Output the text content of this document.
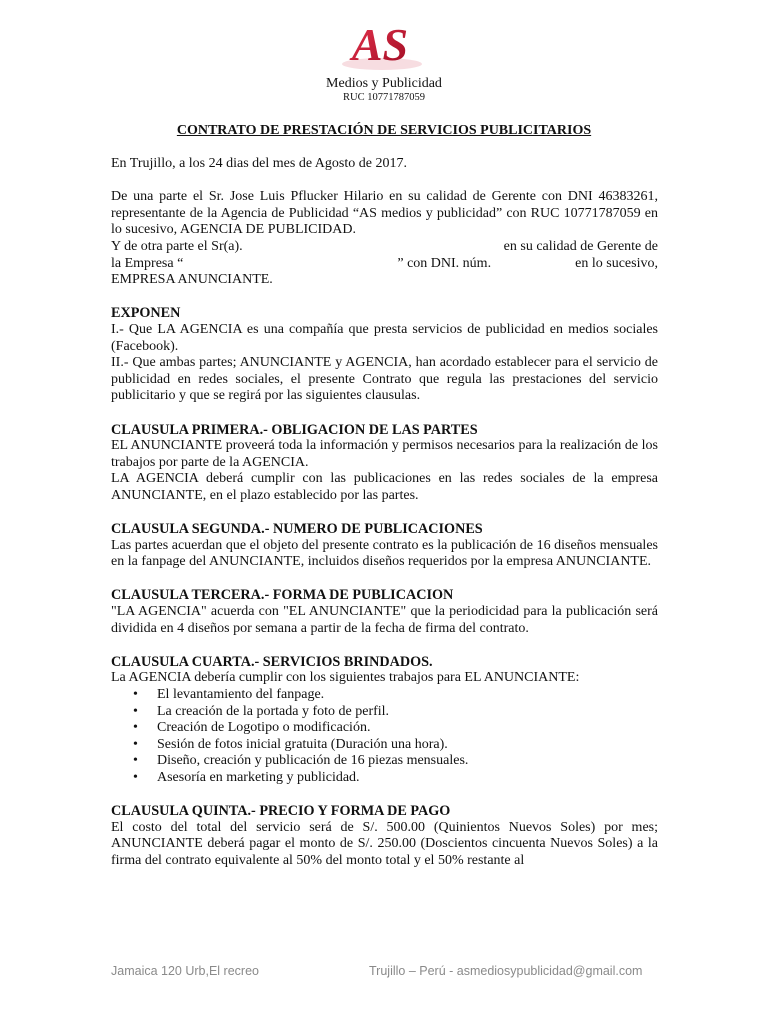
AS
Medios y Publicidad
RUC 10771787059
CONTRATO DE PRESTACIÓN DE SERVICIOS PUBLICITARIOS

En Trujillo, a los 24 dias del mes de Agosto de 2017.

De una parte el Sr. Jose Luis Pflucker Hilario en su calidad de Gerente con DNI 46383261, representante de la Agencia de Publicidad “AS medios y publicidad” con RUC 10771787059 en lo sucesivo, AGENCIA DE PUBLICIDAD.

Y de otra parte el Sr(a).	en su calidad de Gerente de
la Empresa “	” con DNI. núm.	en lo sucesivo,

EMPRESA ANUNCIANTE.

EXPONEN

I.- Que LA AGENCIA es una compañía que presta servicios de publicidad en medios sociales (Facebook).

II.- Que ambas partes; ANUNCIANTE y AGENCIA, han acordado establecer para el servicio de publicidad en redes sociales, el presente Contrato que regula las prestaciones del servicio publicitario y que se regirá por las siguientes clausulas.

CLAUSULA PRIMERA.- OBLIGACION DE LAS PARTES

EL ANUNCIANTE proveerá toda la información y permisos necesarios para la realización de los trabajos por parte de la AGENCIA.

LA AGENCIA deberá cumplir con las publicaciones en las redes sociales de la empresa ANUNCIANTE, en el plazo establecido por las partes.

CLAUSULA SEGUNDA.- NUMERO DE PUBLICACIONES

Las partes acuerdan que el objeto del presente contrato es la publicación de 16 diseños mensuales en la fanpage del ANUNCIANTE, incluidos diseños requeridos por la empresa ANUNCIANTE.

CLAUSULA TERCERA.- FORMA DE PUBLICACION

"LA AGENCIA" acuerda con "EL ANUNCIANTE" que la periodicidad para la publicación será dividida en 4 diseños por semana a partir de la fecha de firma del contrato.

CLAUSULA CUARTA.- SERVICIOS BRINDADOS.

La AGENCIA debería cumplir con los siguientes trabajos para EL ANUNCIANTE:

• El levantamiento del fanpage.
• La creación de la portada y foto de perfil.
• Creación de Logotipo o modificación.
• Sesión de fotos inicial gratuita (Duración una hora).
• Diseño, creación y publicación de 16 piezas mensuales.
• Asesoría en marketing y publicidad.

CLAUSULA QUINTA.- PRECIO Y FORMA DE PAGO

El costo del total del servicio será de S/. 500.00 (Quinientos Nuevos Soles) por mes; ANUNCIANTE deberá pagar el monto de S/. 250.00 (Doscientos cincuenta Nuevos Soles) a la firma del contrato equivalente al 50% del monto total y el 50% restante al

Jamaica 120 Urb,El recreo	Trujillo – Perú - asmediosypublicidad@gmail.com
